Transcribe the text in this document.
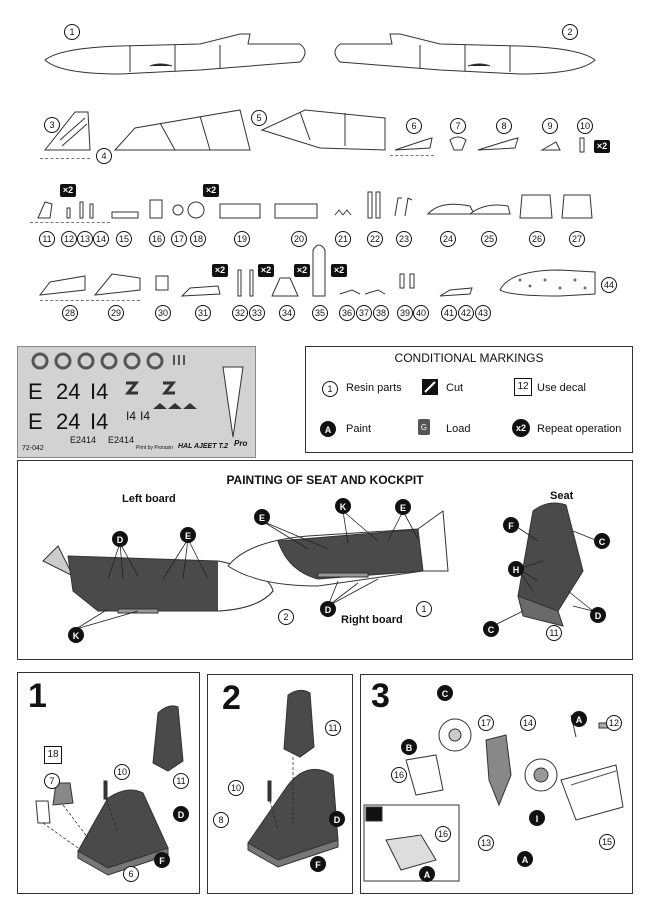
1	2
3
4
5
6	7	8	9	10
×2
×2	×2
11	12 13 14	15	16	17 18	19	20	21	22	23	24	25	26	27
×2	×2	×2	×2
28	29	30	31	32 33	34	35	36 37 38	39 40	41 42 43
44
E 24 I4
E 24 I4 I4 I4
E2414 E2414
72-042	Print by Prorasin HAL AJEET T.2 Pro
CONDITIONAL MARKINGS
1	Resin parts	Cut	12 Use decal
A	Paint	G Load	x2	Repeat operation
PAINTING OF SEAT AND KOCKPIT
Left board
Right board
Seat
D	E
K
2
E
K	E
D	1
F
C
H
C
D
11
1
18
7
10
11
D
F
6
2
11
10
8	D
F
3	C
B
17	14	A	12
16
I
13
A
15
16
A
